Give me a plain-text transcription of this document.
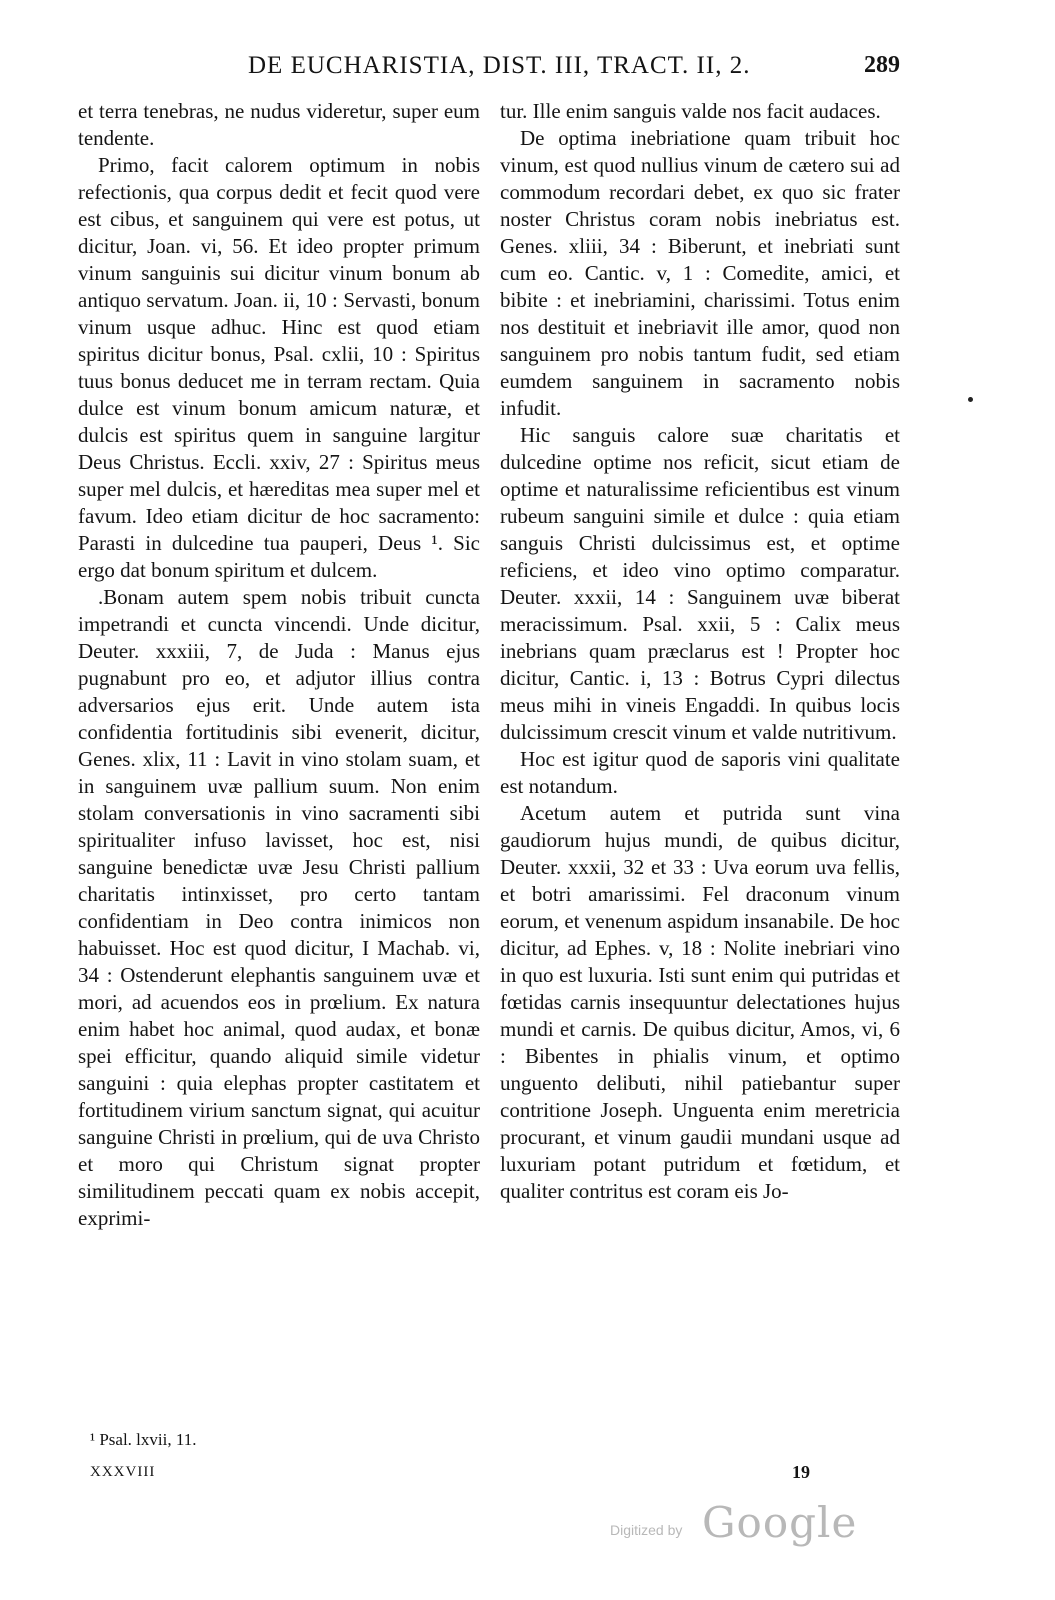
DE EUCHARISTIA, DIST. III, TRACT. II, 2.	289

et terra tenebras, ne nudus videretur, super eum tendente.

Primo, facit calorem optimum in nobis refectionis, qua corpus dedit et fecit quod vere est cibus, et sanguinem qui vere est potus, ut dicitur, Joan. vi, 56. Et ideo propter primum vinum sanguinis sui dicitur vinum bonum ab antiquo servatum. Joan. ii, 10 : Servasti, bonum vinum usque adhuc. Hinc est quod etiam spiritus dicitur bonus, Psal. cxlii, 10 : Spiritus tuus bonus deducet me in terram rectam. Quia dulce est vinum bonum amicum naturæ, et dulcis est spiritus quem in sanguine largitur Deus Christus. Eccli. xxiv, 27 : Spiritus meus super mel dulcis, et hæreditas mea super mel et favum. Ideo etiam dicitur de hoc sacramento: Parasti in dulcedine tua pauperi, Deus ¹. Sic ergo dat bonum spiritum et dulcem.

.Bonam autem spem nobis tribuit cuncta impetrandi et cuncta vincendi. Unde dicitur, Deuter. xxxiii, 7, de Juda : Manus ejus pugnabunt pro eo, et adjutor illius contra adversarios ejus erit. Unde autem ista confidentia fortitudinis sibi evenerit, dicitur, Genes. xlix, 11 : Lavit in vino stolam suam, et in sanguinem uvæ pallium suum. Non enim stolam conversationis in vino sacramenti sibi spiritualiter infuso lavisset, hoc est, nisi sanguine benedictæ uvæ Jesu Christi pallium charitatis intinxisset, pro certo tantam confidentiam in Deo contra inimicos non habuisset. Hoc est quod dicitur, I Machab. vi, 34 : Ostenderunt elephantis sanguinem uvæ et mori, ad acuendos eos in prœlium. Ex natura enim habet hoc animal, quod audax, et bonæ spei efficitur, quando aliquid simile videtur sanguini : quia elephas propter castitatem et fortitudinem virium sanctum signat, qui acuitur sanguine Christi in prœlium, qui de uva Christo et moro qui Christum signat propter similitudinem peccati quam ex nobis accepit, exprimi-

tur. Ille enim sanguis valde nos facit audaces.

De optima inebriatione quam tribuit hoc vinum, est quod nullius vinum de cætero sui ad commodum recordari debet, ex quo sic frater noster Christus coram nobis inebriatus est. Genes. xliii, 34 : Biberunt, et inebriati sunt cum eo. Cantic. v, 1 : Comedite, amici, et bibite : et inebriamini, charissimi. Totus enim nos destituit et inebriavit ille amor, quod non sanguinem pro nobis tantum fudit, sed etiam eumdem sanguinem in sacramento nobis infudit.

Hic sanguis calore suæ charitatis et dulcedine optime nos reficit, sicut etiam de optime et naturalissime reficientibus est vinum rubeum sanguini simile et dulce : quia etiam sanguis Christi dulcissimus est, et optime reficiens, et ideo vino optimo comparatur. Deuter. xxxii, 14 : Sanguinem uvæ biberat meracissimum. Psal. xxii, 5 : Calix meus inebrians quam præclarus est ! Propter hoc dicitur, Cantic. i, 13 : Botrus Cypri dilectus meus mihi in vineis Engaddi. In quibus locis dulcissimum crescit vinum et valde nutritivum.

Hoc est igitur quod de saporis vini qualitate est notandum.

Acetum autem et putrida sunt vina gaudiorum hujus mundi, de quibus dicitur, Deuter. xxxii, 32 et 33 : Uva eorum uva fellis, et botri amarissimi. Fel draconum vinum eorum, et venenum aspidum insanabile. De hoc dicitur, ad Ephes. v, 18 : Nolite inebriari vino in quo est luxuria. Isti sunt enim qui putridas et fœtidas carnis insequuntur delectationes hujus mundi et carnis. De quibus dicitur, Amos, vi, 6 : Bibentes in phialis vinum, et optimo unguento delibuti, nihil patiebantur super contritione Joseph. Unguenta enim meretricia procurant, et vinum gaudii mundani usque ad luxuriam potant putridum et fœtidum, et qualiter contritus est coram eis Jo-

¹ Psal. lxvii, 11.
XXXVIII	19
Digitized by Google
